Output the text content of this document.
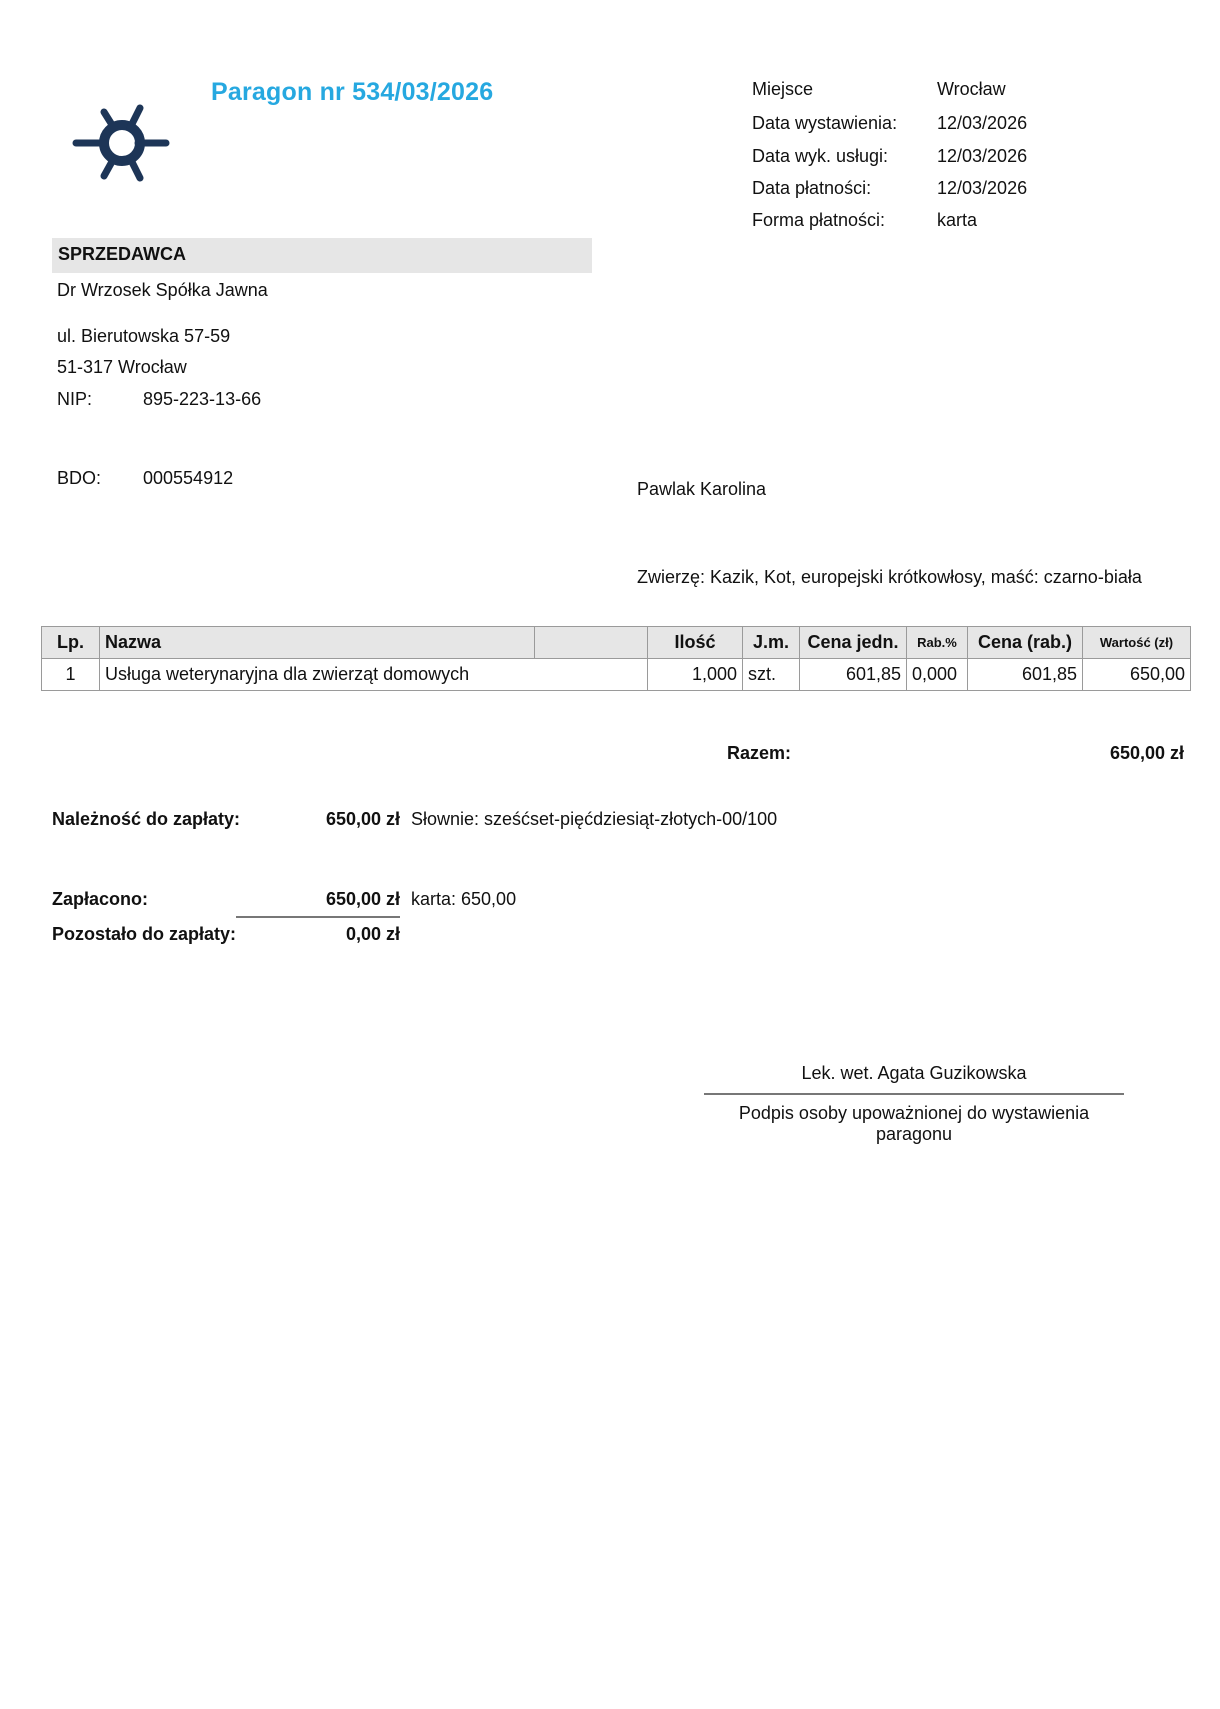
Paragon nr 534/03/2026	Miejsce	Wrocław
Data wystawienia: 12/03/2026
Data wyk. usługi:	12/03/2026
Data płatności:	12/03/2026
Forma płatności:	karta
SPRZEDAWCA
Dr Wrzosek Spółka Jawna
ul. Bierutowska 57-59
51-317 Wrocław
NIP:	895-223-13-66
BDO: 000554912
Pawlak Karolina
Zwierzę: Kazik, Kot, europejski krótkowłosy, maść: czarno-biała
Lp.	Nazwa		Ilość	J.m.	Cena jedn.	Rab.%	Cena (rab.)	Wartość (zł)
1	Usługa weterynaryjna dla zwierząt domowych		1,000	szt.	601,85	0,000	601,85	650,00
Razem:	650,00 zł
Należność do zapłaty:	650,00 zł Słownie: sześćset-pięćdziesiąt-złotych-00/100
Zapłacono:	650,00 zł karta: 650,00
Pozostało do zapłaty:	0,00 zł
Lek. wet. Agata Guzikowska
Podpis osoby upoważnionej do wystawienia paragonu
